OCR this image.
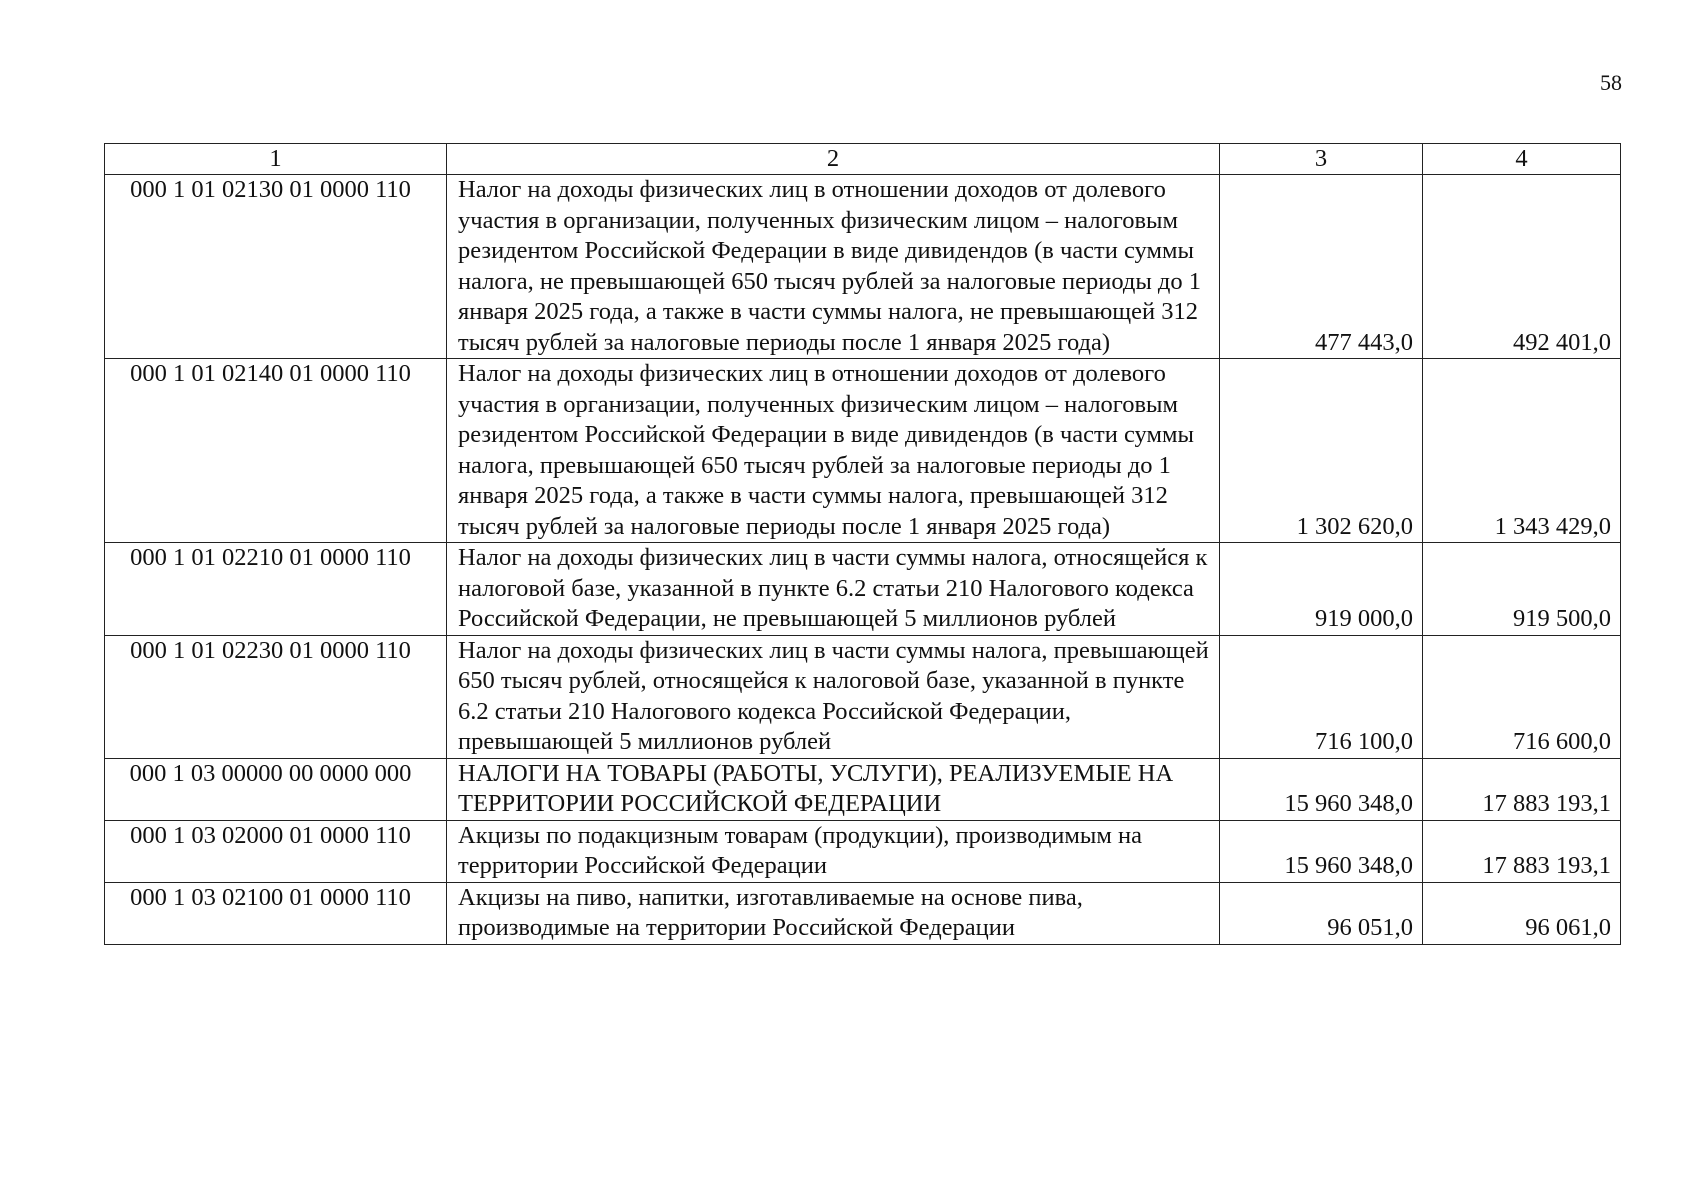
58
1	2	3	4
000 1 01 02130 01 0000 110	Налог на доходы физических лиц в отношении доходов от долевого участия в организации, полученных физическим лицом – налоговым резидентом Российской Федерации в виде дивидендов (в части суммы налога, не превышающей 650 тысяч рублей за налоговые периоды до 1 января 2025 года, а также в части суммы налога, не превышающей 312 тысяч рублей за налоговые периоды после 1 января 2025 года)	477 443,0	492 401,0
000 1 01 02140 01 0000 110	Налог на доходы физических лиц в отношении доходов от долевого участия в организации, полученных физическим лицом – налоговым резидентом Российской Федерации в виде дивидендов (в части суммы налога, превышающей 650 тысяч рублей за налоговые периоды до 1 января 2025 года, а также в части суммы налога, превышающей 312 тысяч рублей за налоговые периоды после 1 января 2025 года)	1 302 620,0	1 343 429,0
000 1 01 02210 01 0000 110	Налог на доходы физических лиц в части суммы налога, относящейся к налоговой базе, указанной в пункте 6.2 статьи 210 Налогового кодекса Российской Федерации, не превышающей 5 миллионов рублей	919 000,0	919 500,0
000 1 01 02230 01 0000 110	Налог на доходы физических лиц в части суммы налога, превышающей 650 тысяч рублей, относящейся к налоговой базе, указанной в пункте 6.2 статьи 210 Налогового кодекса Российской Федерации, превышающей 5 миллионов рублей	716 100,0	716 600,0
000 1 03 00000 00 0000 000	НАЛОГИ НА ТОВАРЫ (РАБОТЫ, УСЛУГИ), РЕАЛИЗУЕМЫЕ НА ТЕРРИТОРИИ РОССИЙСКОЙ ФЕДЕРАЦИИ	15 960 348,0	17 883 193,1
000 1 03 02000 01 0000 110	Акцизы по подакцизным товарам (продукции), производимым на территории Российской Федерации	15 960 348,0	17 883 193,1
000 1 03 02100 01 0000 110	Акцизы на пиво, напитки, изготавливаемые на основе пива, производимые на территории Российской Федерации	96 051,0	96 061,0
